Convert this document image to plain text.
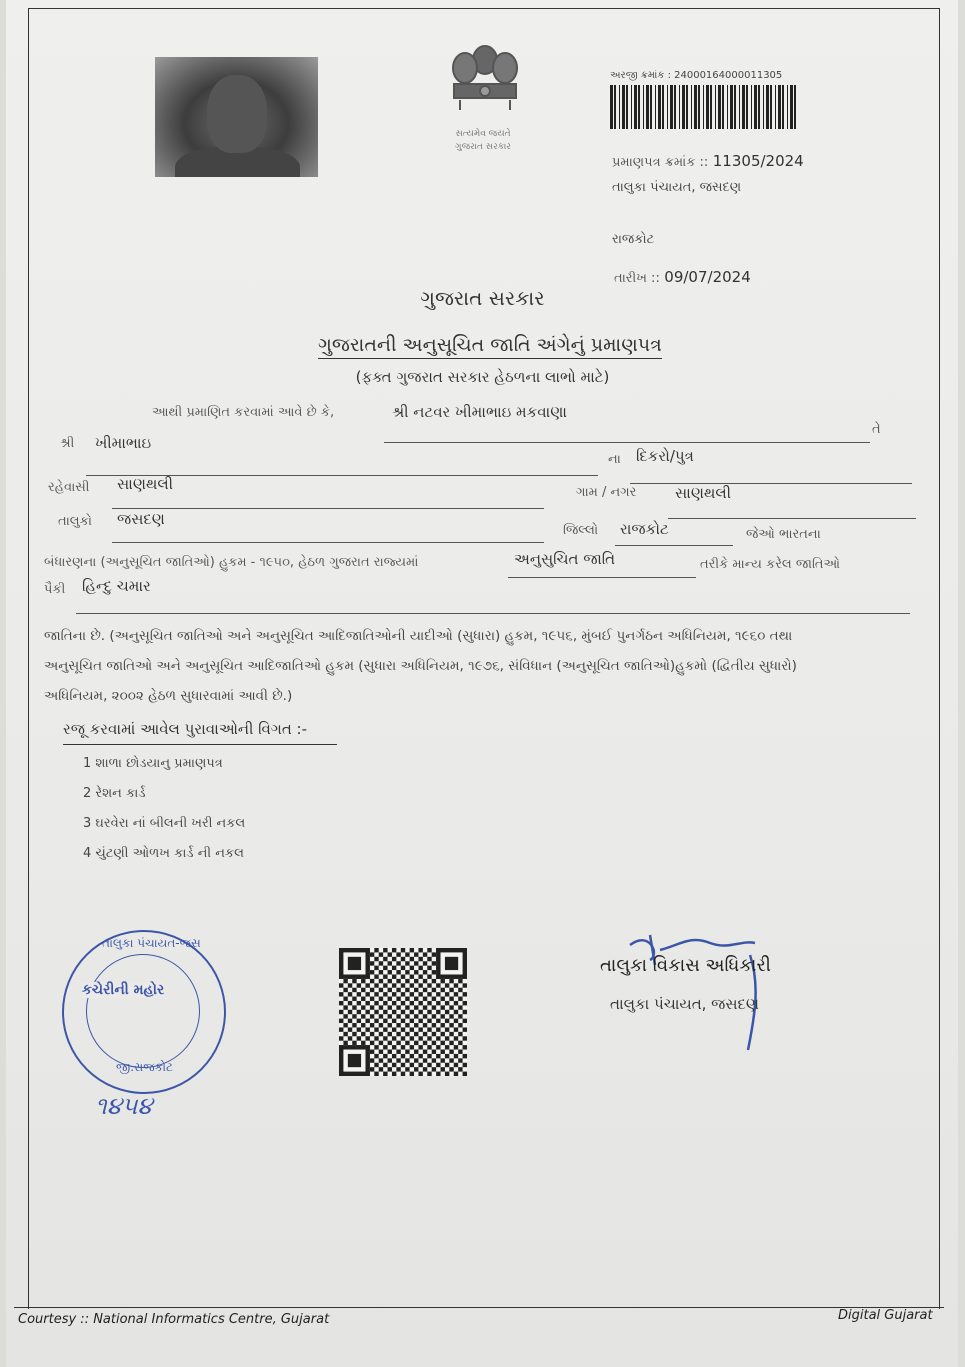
સત્યમેવ જયતે
ગુજરાત સરકાર
અરજી ક્રમાંક : 24000164000011305
પ્રમાણપત્ર ક્રમાંક :: 11305/2024
તાલુકા પંચાયત, જસદણ
રાજકોટ
તારીખ :: 09/07/2024
ગુજરાત સરકાર
ગુજરાતની અનુસૂચિત જાતિ અંગેનું પ્રમાણપત્ર
(ફક્ત ગુજરાત સરકાર હેઠળના લાભો માટે)
આથી પ્રમાણિત કરવામાં આવે છે કે,	શ્રી નટવર ખીમાભાઇ મકવાણા
તે
શ્રી ખીમાભાઇ
ના દિકરો/પુત્ર
રહેવાસી સાણથલી	ગામ / નગર	સાણથલી
તાલુકો જસદણ
જિલ્લો રાજકોટ	જેઓ ભારતના
બંધારણના (અનુસૂચિત જાતિઓ) હુકમ - ૧૯૫૦, હેઠળ ગુજરાત રાજ્યમાં	અનુસુચિત જાતિ	તરીકે માન્ય કરેલ જાતિઓ
પૈકી હિન્દુ ચમાર
જાતિના છે. (અનુસૂચિત જાતિઓ અને અનુસૂચિત આદિજાતિઓની યાદીઓ (સુધારા) હુકમ, ૧૯૫૬, મુંબઈ પુનર્ગઠન અધિનિયમ, ૧૯૬૦ તથા
અનુસૂચિત જાતિઓ અને અનુસૂચિત આદિજાતિઓ હુકમ (સુધારા અધિનિયમ, ૧૯૭૬, સંવિધાન (અનુસૂચિત જાતિઓ)હુકમો (દ્વિતીય સુધારો)
અધિનિયમ, ૨૦૦૨ હેઠળ સુધારવામાં આવી છે.)
રજૂ કરવામાં આવેલ પુરાવાઓની વિગત :-
1 શાળા છોડયાનુ પ્રમાણપત્ર
2 રેશન કાર્ડ
3 ઘરવેરા નાં બીલની ખરી નકલ
4 ચુંટણી ઓળખ કાર્ડ ની નકલ
તાલુકા પંચાયત-જસ
કચેરીની મહોર
જી.રાજકોટ
૧૪૫૪
તાલુકા વિકાસ અધિકારી
તાલુકા પંચાયત, જસદણ
Courtesy :: National Informatics Centre, Gujarat	Digital Gujarat
